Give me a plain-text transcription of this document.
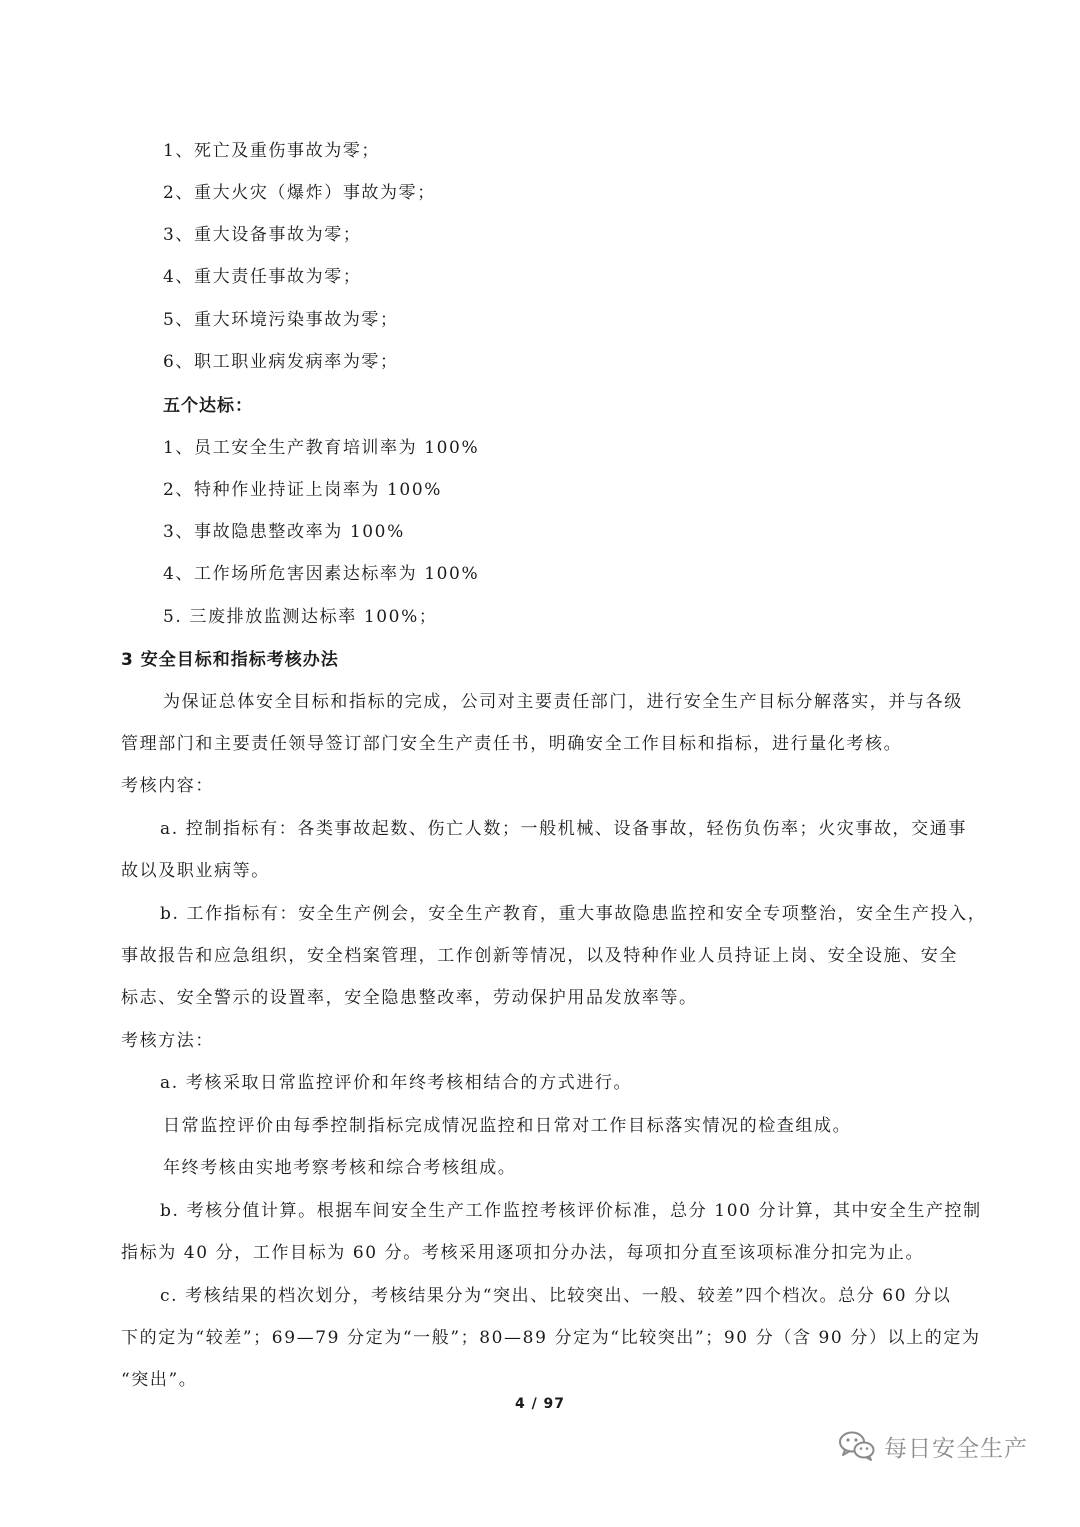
1、死亡及重伤事故为零；

2、重大火灾（爆炸）事故为零；

3、重大设备事故为零；

4、重大责任事故为零；

5、重大环境污染事故为零；

6、职工职业病发病率为零；

五个达标：

1、员工安全生产教育培训率为 100%

2、特种作业持证上岗率为 100%

3、事故隐患整改率为 100%

4、工作场所危害因素达标率为 100%

5. 三废排放监测达标率 100%；

3 安全目标和指标考核办法

为保证总体安全目标和指标的完成，公司对主要责任部门，进行安全生产目标分解落实，并与各级

管理部门和主要责任领导签订部门安全生产责任书，明确安全工作目标和指标，进行量化考核。

考核内容：

a. 控制指标有：各类事故起数、伤亡人数；一般机械、设备事故，轻伤负伤率；火灾事故，交通事

故以及职业病等。

b. 工作指标有：安全生产例会，安全生产教育，重大事故隐患监控和安全专项整治，安全生产投入，

事故报告和应急组织，安全档案管理，工作创新等情况，以及特种作业人员持证上岗、安全设施、安全

标志、安全警示的设置率，安全隐患整改率，劳动保护用品发放率等。

考核方法：

a. 考核采取日常监控评价和年终考核相结合的方式进行。

日常监控评价由每季控制指标完成情况监控和日常对工作目标落实情况的检查组成。

年终考核由实地考察考核和综合考核组成。

b. 考核分值计算。根据车间安全生产工作监控考核评价标准，总分 100 分计算，其中安全生产控制

指标为 40 分，工作目标为 60 分。考核采用逐项扣分办法，每项扣分直至该项标准分扣完为止。

c. 考核结果的档次划分，考核结果分为“突出、比较突出、一般、较差”四个档次。总分 60 分以

下的定为“较差”；69—79 分定为“一般”；80—89 分定为“比较突出”；90 分（含 90 分）以上的定为

“突出”。

4 / 97
每日安全生产
